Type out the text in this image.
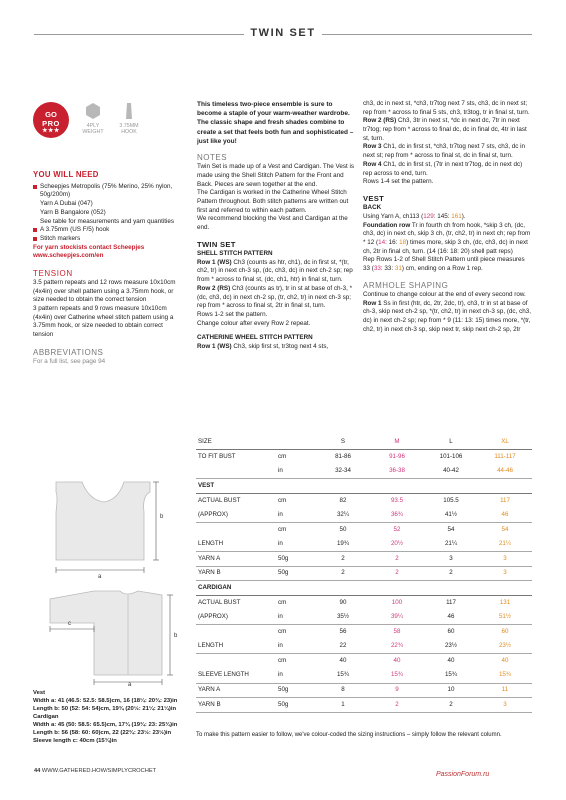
TWIN SET
GO
PRO
★★★
4PLY
WEIGHT
3.75MM
HOOK
YOU WILL NEED
Scheepjes Metropolis (75% Merino, 25% nylon, 50g/200m)
Yarn A Dubai (047)
Yarn B Bangalore (052)
See table for measurements and yarn quantities
A 3.75mm (US F/5) hook
Stitch markers
For yarn stockists contact Scheepjes
www.scheepjes.com/en
TENSION
3.5 pattern repeats and 12 rows measure 10x10cm (4x4in) over shell pattern using a 3.75mm hook, or size needed to obtain the correct tension
3 pattern repeats and 9 rows measure 10x10cm (4x4in) over Catherine wheel stitch pattern using a 3.75mm hook, or size needed to obtain correct tension
ABBREVIATIONS
For a full list, see page 94
This timeless two-piece ensemble is sure to become a staple of your warm-weather wardrobe. The classic shape and fresh shades combine to create a set that feels both fun and sophisticated – just like you!
NOTES

Twin Set is made up of a Vest and Cardigan. The Vest is made using the Shell Stitch Pattern for the Front and Back. Pieces are sewn together at the end.

The Cardigan is worked in the Catherine Wheel Stitch Pattern throughout. Both stitch patterns are written out first and referred to within each pattern.

We recommend blocking the Vest and Cardigan at the end.

TWIN SET
SHELL STITCH PATTERN

Row 1 (WS) Ch3 (counts as htr, ch1), dc in first st, *(tr, ch2, tr) in next ch-3 sp, (dc, ch3, dc) in next ch-2 sp; rep from * across to final st, (dc, ch1, htr) in final st, turn.

Row 2 (RS) Ch3 (counts as tr), tr in st at base of ch-3, *(dc, ch3, dc) in next ch-2 sp, (tr, ch2, tr) in next ch-3 sp; rep from * across to final st, 2tr in final st, turn.

Rows 1-2 set the pattern.

Change colour after every Row 2 repeat.

CATHERINE WHEEL STITCH PATTERN

Row 1 (WS) Ch3, skip first st, tr3tog next 4 sts,

ch3, dc in next st, *ch3, tr7tog next 7 sts, ch3, dc in next st; rep from * across to final 5 sts, ch3, tr3tog, tr in final st, turn.

Row 2 (RS) Ch3, 3tr in next st, *dc in next dc, 7tr in next tr7tog; rep from * across to final dc, dc in final dc, 4tr in last st, turn.

Row 3 Ch1, dc in first st, *ch3, tr7tog next 7 sts, ch3, dc in next st; rep from * across to final st, dc in final st, turn.

Row 4 Ch1, dc in first st, (7tr in next tr7tog, dc in next dc) rep across to end, turn.

Rows 1-4 set the pattern.

VEST
BACK

Using Yarn A, ch113 (129: 145: 161).

Foundation row Tr in fourth ch from hook, *skip 3 ch, (dc, ch3, dc) in next ch, skip 3 ch, (tr, ch2, tr) in next ch; rep from * 12 (14: 16: 18) times more, skip 3 ch, (dc, ch3, dc) in next ch, 2tr in final ch, turn. (14 (16: 18: 20) shell patt reps)

Rep Rows 1-2 of Shell Stitch Pattern until piece measures 33 (33: 33: 31) cm, ending on a Row 1 rep.

ARMHOLE SHAPING

Continue to change colour at the end of every second row.

Row 1 Ss in first (htr, dc, 2tr, 2dc, tr), ch3, tr in st at base of ch-3, skip next ch-2 sp, *(tr, ch2, tr) in next ch-3 sp, (dc, ch3, dc) in next ch-2 sp; rep from * 9 (11: 13: 15) times more, *(tr, ch2, tr) in next ch-3 sp, skip next tr, skip next ch-2 sp, 2tr

a
b
a
b
c
Vest
Width a: 41 (46.5: 52.5: 58.5)cm, 16 (18¼: 20¾: 23)in
Length b: 50 (52: 54: 54)cm, 19¾ (20½: 21¼: 21¼)in
Cardigan
Width a: 45 (50: 58.5: 65.5)cm, 17¾ (19¾: 23: 25¾)in
Length b: 56 (58: 60: 60)cm, 22 (22¾: 23½: 23½)in
Sleeve length c: 40cm (15¾)in
SIZE		S	M	L	XL
TO FIT BUST	cm	81-86	91-96	101-106	111-117
	in	32-34	36-38	40-42	44-46
VEST					
ACTUAL BUST	cm	82	93.5	105.5	117
(APPROX)	in	32¼	36¾	41½	46
	cm	50	52	54	54
LENGTH	in	19¾	20½	21¼	21¼
YARN A	50g	2	2	3	3
YARN B	50g	2	2	2	3
CARDIGAN					
ACTUAL BUST	cm	90	100	117	131
(APPROX)	in	35½	39¼	46	51½
	cm	56	58	60	60
LENGTH	in	22	22¾	23½	23½
	cm	40	40	40	40
SLEEVE LENGTH	in	15¾	15¾	15¾	15¾
YARN A	50g	8	9	10	11
YARN B	50g	1	2	2	3
To make this pattern easier to follow, we've colour-coded the sizing instructions – simply follow the relevant column.
44 WWW.GATHERED.HOW/SIMPLYCROCHET	PassionForum.ru
